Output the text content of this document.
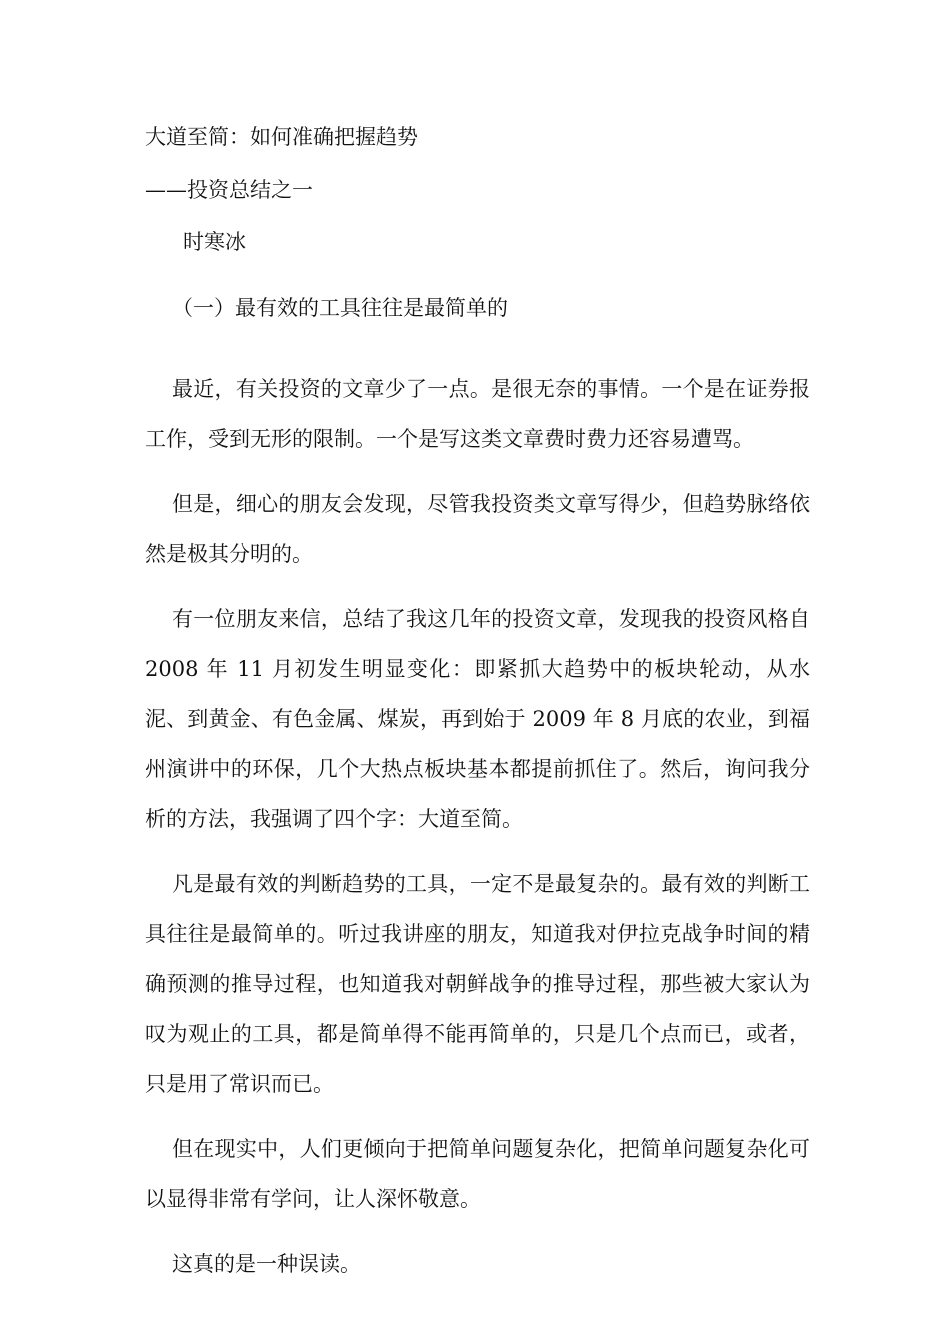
大道至简：如何准确把握趋势
——投资总结之一
时寒冰
（一）最有效的工具往往是最简单的

最近，有关投资的文章少了一点。是很无奈的事情。一个是在证券报工作，受到无形的限制。一个是写这类文章费时费力还容易遭骂。

但是，细心的朋友会发现，尽管我投资类文章写得少，但趋势脉络依然是极其分明的。

有一位朋友来信，总结了我这几年的投资文章，发现我的投资风格自2008 年 11 月初发生明显变化：即紧抓大趋势中的板块轮动，从水泥、到黄金、有色金属、煤炭，再到始于 2009 年 8 月底的农业，到福州演讲中的环保，几个大热点板块基本都提前抓住了。然后，询问我分析的方法，我强调了四个字：大道至简。

凡是最有效的判断趋势的工具，一定不是最复杂的。最有效的判断工具往往是最简单的。听过我讲座的朋友，知道我对伊拉克战争时间的精确预测的推导过程，也知道我对朝鲜战争的推导过程，那些被大家认为叹为观止的工具，都是简单得不能再简单的，只是几个点而已，或者，只是用了常识而已。

但在现实中，人们更倾向于把简单问题复杂化，把简单问题复杂化可以显得非常有学问，让人深怀敬意。

这真的是一种误读。
